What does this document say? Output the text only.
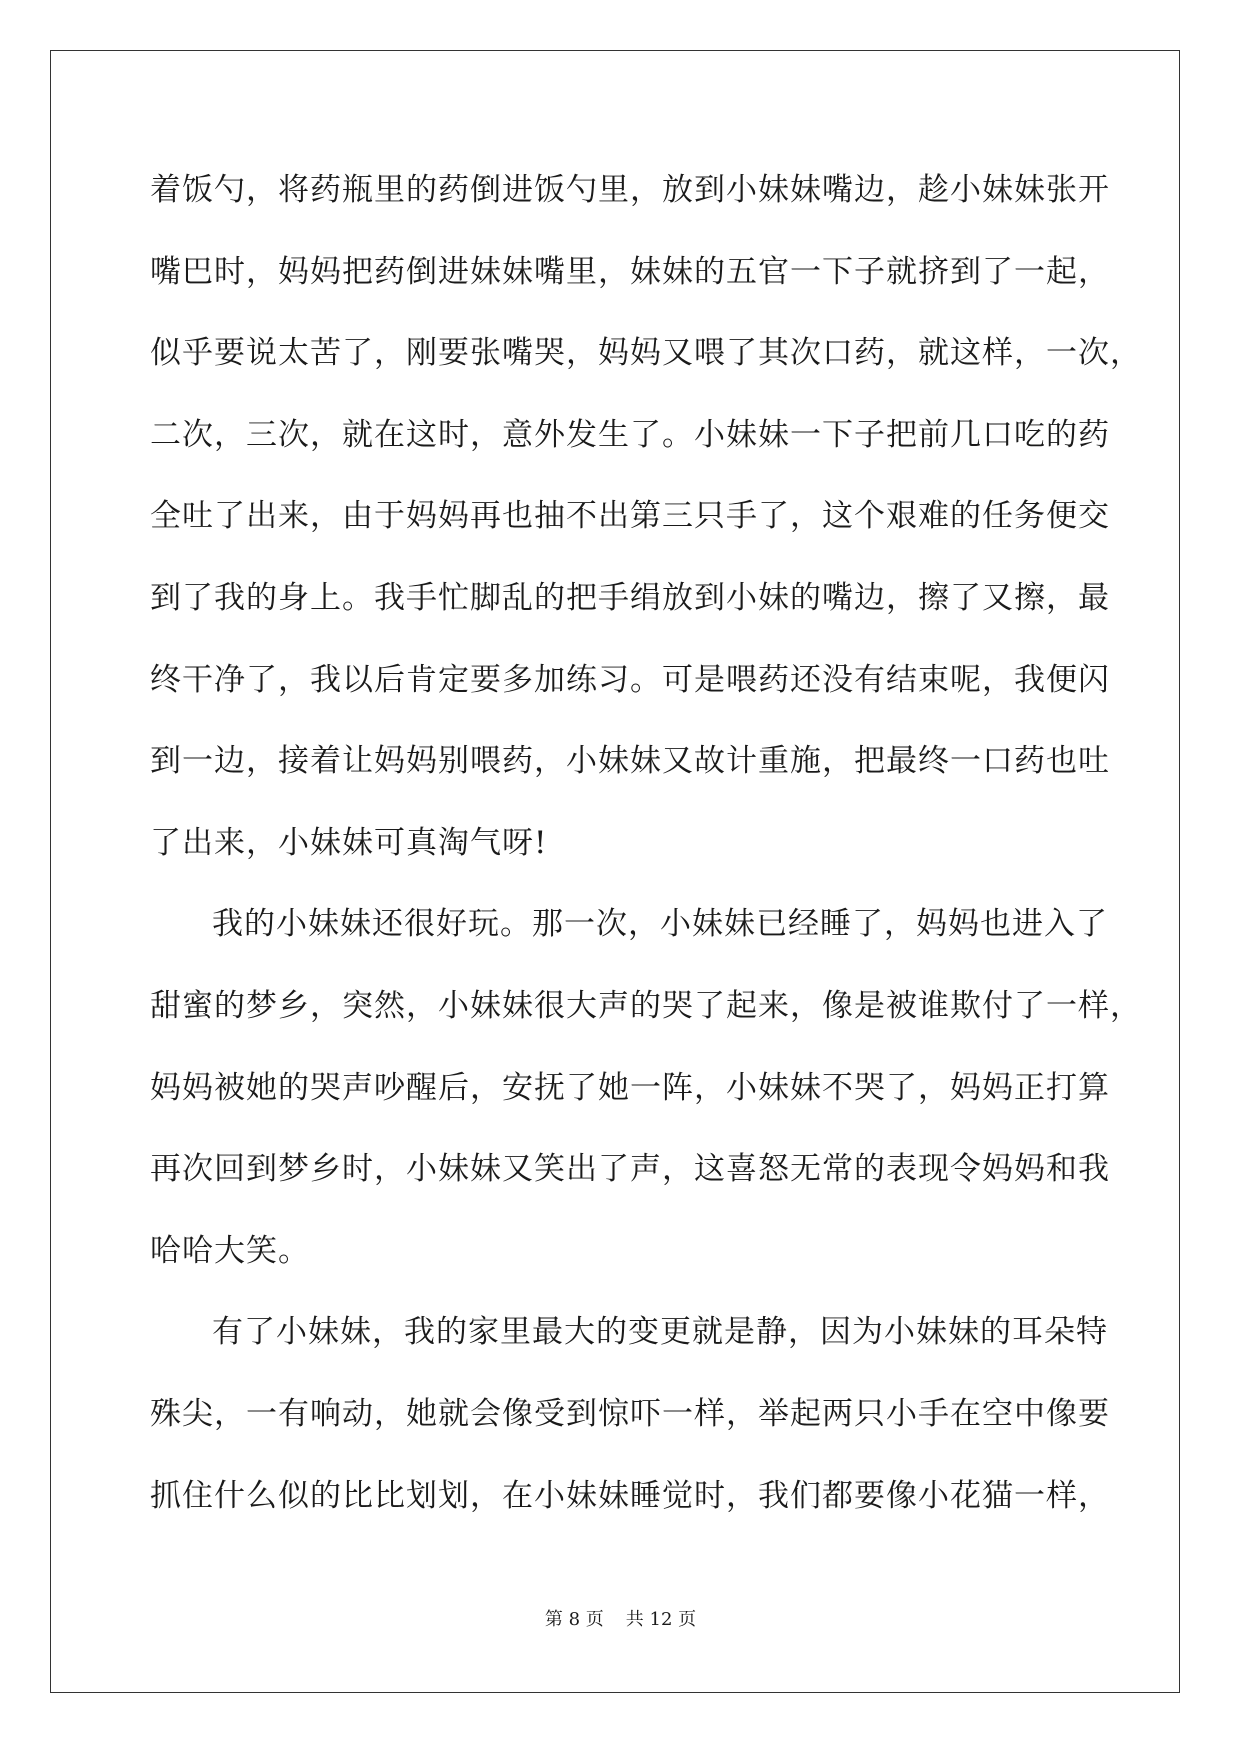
着饭勺，将药瓶里的药倒进饭勺里，放到小妹妹嘴边，趁小妹妹张开
嘴巴时，妈妈把药倒进妹妹嘴里，妹妹的五官一下子就挤到了一起，
似乎要说太苦了，刚要张嘴哭，妈妈又喂了其次口药，就这样，一次，
二次，三次，就在这时，意外发生了。小妹妹一下子把前几口吃的药
全吐了出来，由于妈妈再也抽不出第三只手了，这个艰难的任务便交
到了我的身上。我手忙脚乱的把手绢放到小妹的嘴边，擦了又擦，最
终干净了，我以后肯定要多加练习。可是喂药还没有结束呢，我便闪
到一边，接着让妈妈别喂药，小妹妹又故计重施，把最终一口药也吐
了出来，小妹妹可真淘气呀!
我的小妹妹还很好玩。那一次，小妹妹已经睡了，妈妈也进入了
甜蜜的梦乡，突然，小妹妹很大声的哭了起来，像是被谁欺付了一样，
妈妈被她的哭声吵醒后，安抚了她一阵，小妹妹不哭了，妈妈正打算
再次回到梦乡时，小妹妹又笑出了声，这喜怒无常的表现令妈妈和我
哈哈大笑。
有了小妹妹，我的家里最大的变更就是静，因为小妹妹的耳朵特
殊尖，一有响动，她就会像受到惊吓一样，举起两只小手在空中像要
抓住什么似的比比划划，在小妹妹睡觉时，我们都要像小花猫一样，
第 8 页 共 12 页
